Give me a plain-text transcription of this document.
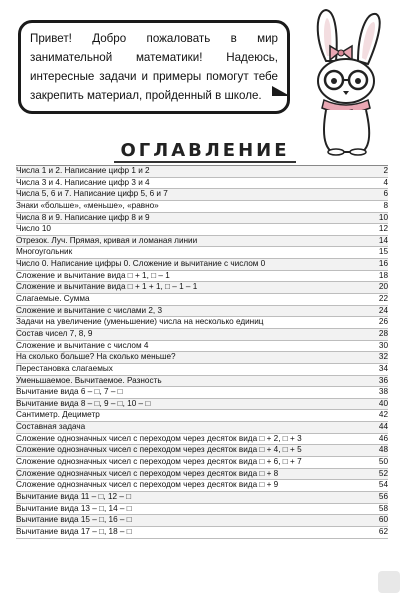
Привет! Добро пожаловать в мир занимательной математики! Надеюсь, интересные задачи и примеры помогут тебе закрепить материал, пройденный в школе.

ОГЛАВЛЕНИЕ
Числа 1 и 2. Написание цифр 1 и 2	2
Числа 3 и 4. Написание цифр 3 и 4	4
Числа 5, 6 и 7. Написание цифр 5, 6 и 7	6
Знаки «больше», «меньше», «равно»	8
Числа 8 и 9. Написание цифр 8 и 9	10
Число 10	12
Отрезок. Луч. Прямая, кривая и ломаная линии	14
Многоугольник	15
Число 0. Написание цифры 0. Сложение и вычитание с числом 0	16
Сложение и вычитание вида □ + 1, □ – 1	18
Сложение и вычитание вида □ + 1 + 1, □ – 1 – 1	20
Слагаемые. Сумма	22
Сложение и вычитание с числами 2, 3	24
Задачи на увеличение (уменьшение) числа на несколько единиц	26
Состав чисел 7, 8, 9	28
Сложение и вычитание с числом 4	30
На сколько больше? На сколько меньше?	32
Перестановка слагаемых	34
Уменьшаемое. Вычитаемое. Разность	36
Вычитание вида 6 – □, 7 – □	38
Вычитание вида 8 – □, 9 – □, 10 – □	40
Сантиметр. Дециметр	42
Составная задача	44
Сложение однозначных чисел с переходом через десяток вида □ + 2, □ + 3	46
Сложение однозначных чисел с переходом через десяток вида □ + 4, □ + 5	48
Сложение однозначных чисел с переходом через десяток вида □ + 6, □ + 7	50
Сложение однозначных чисел с переходом через десяток вида □ + 8	52
Сложение однозначных чисел с переходом через десяток вида □ + 9	54
Вычитание вида 11 – □, 12 – □	56
Вычитание вида 13 – □, 14 – □	58
Вычитание вида 15 – □, 16 – □	60
Вычитание вида 17 – □, 18 – □	62
